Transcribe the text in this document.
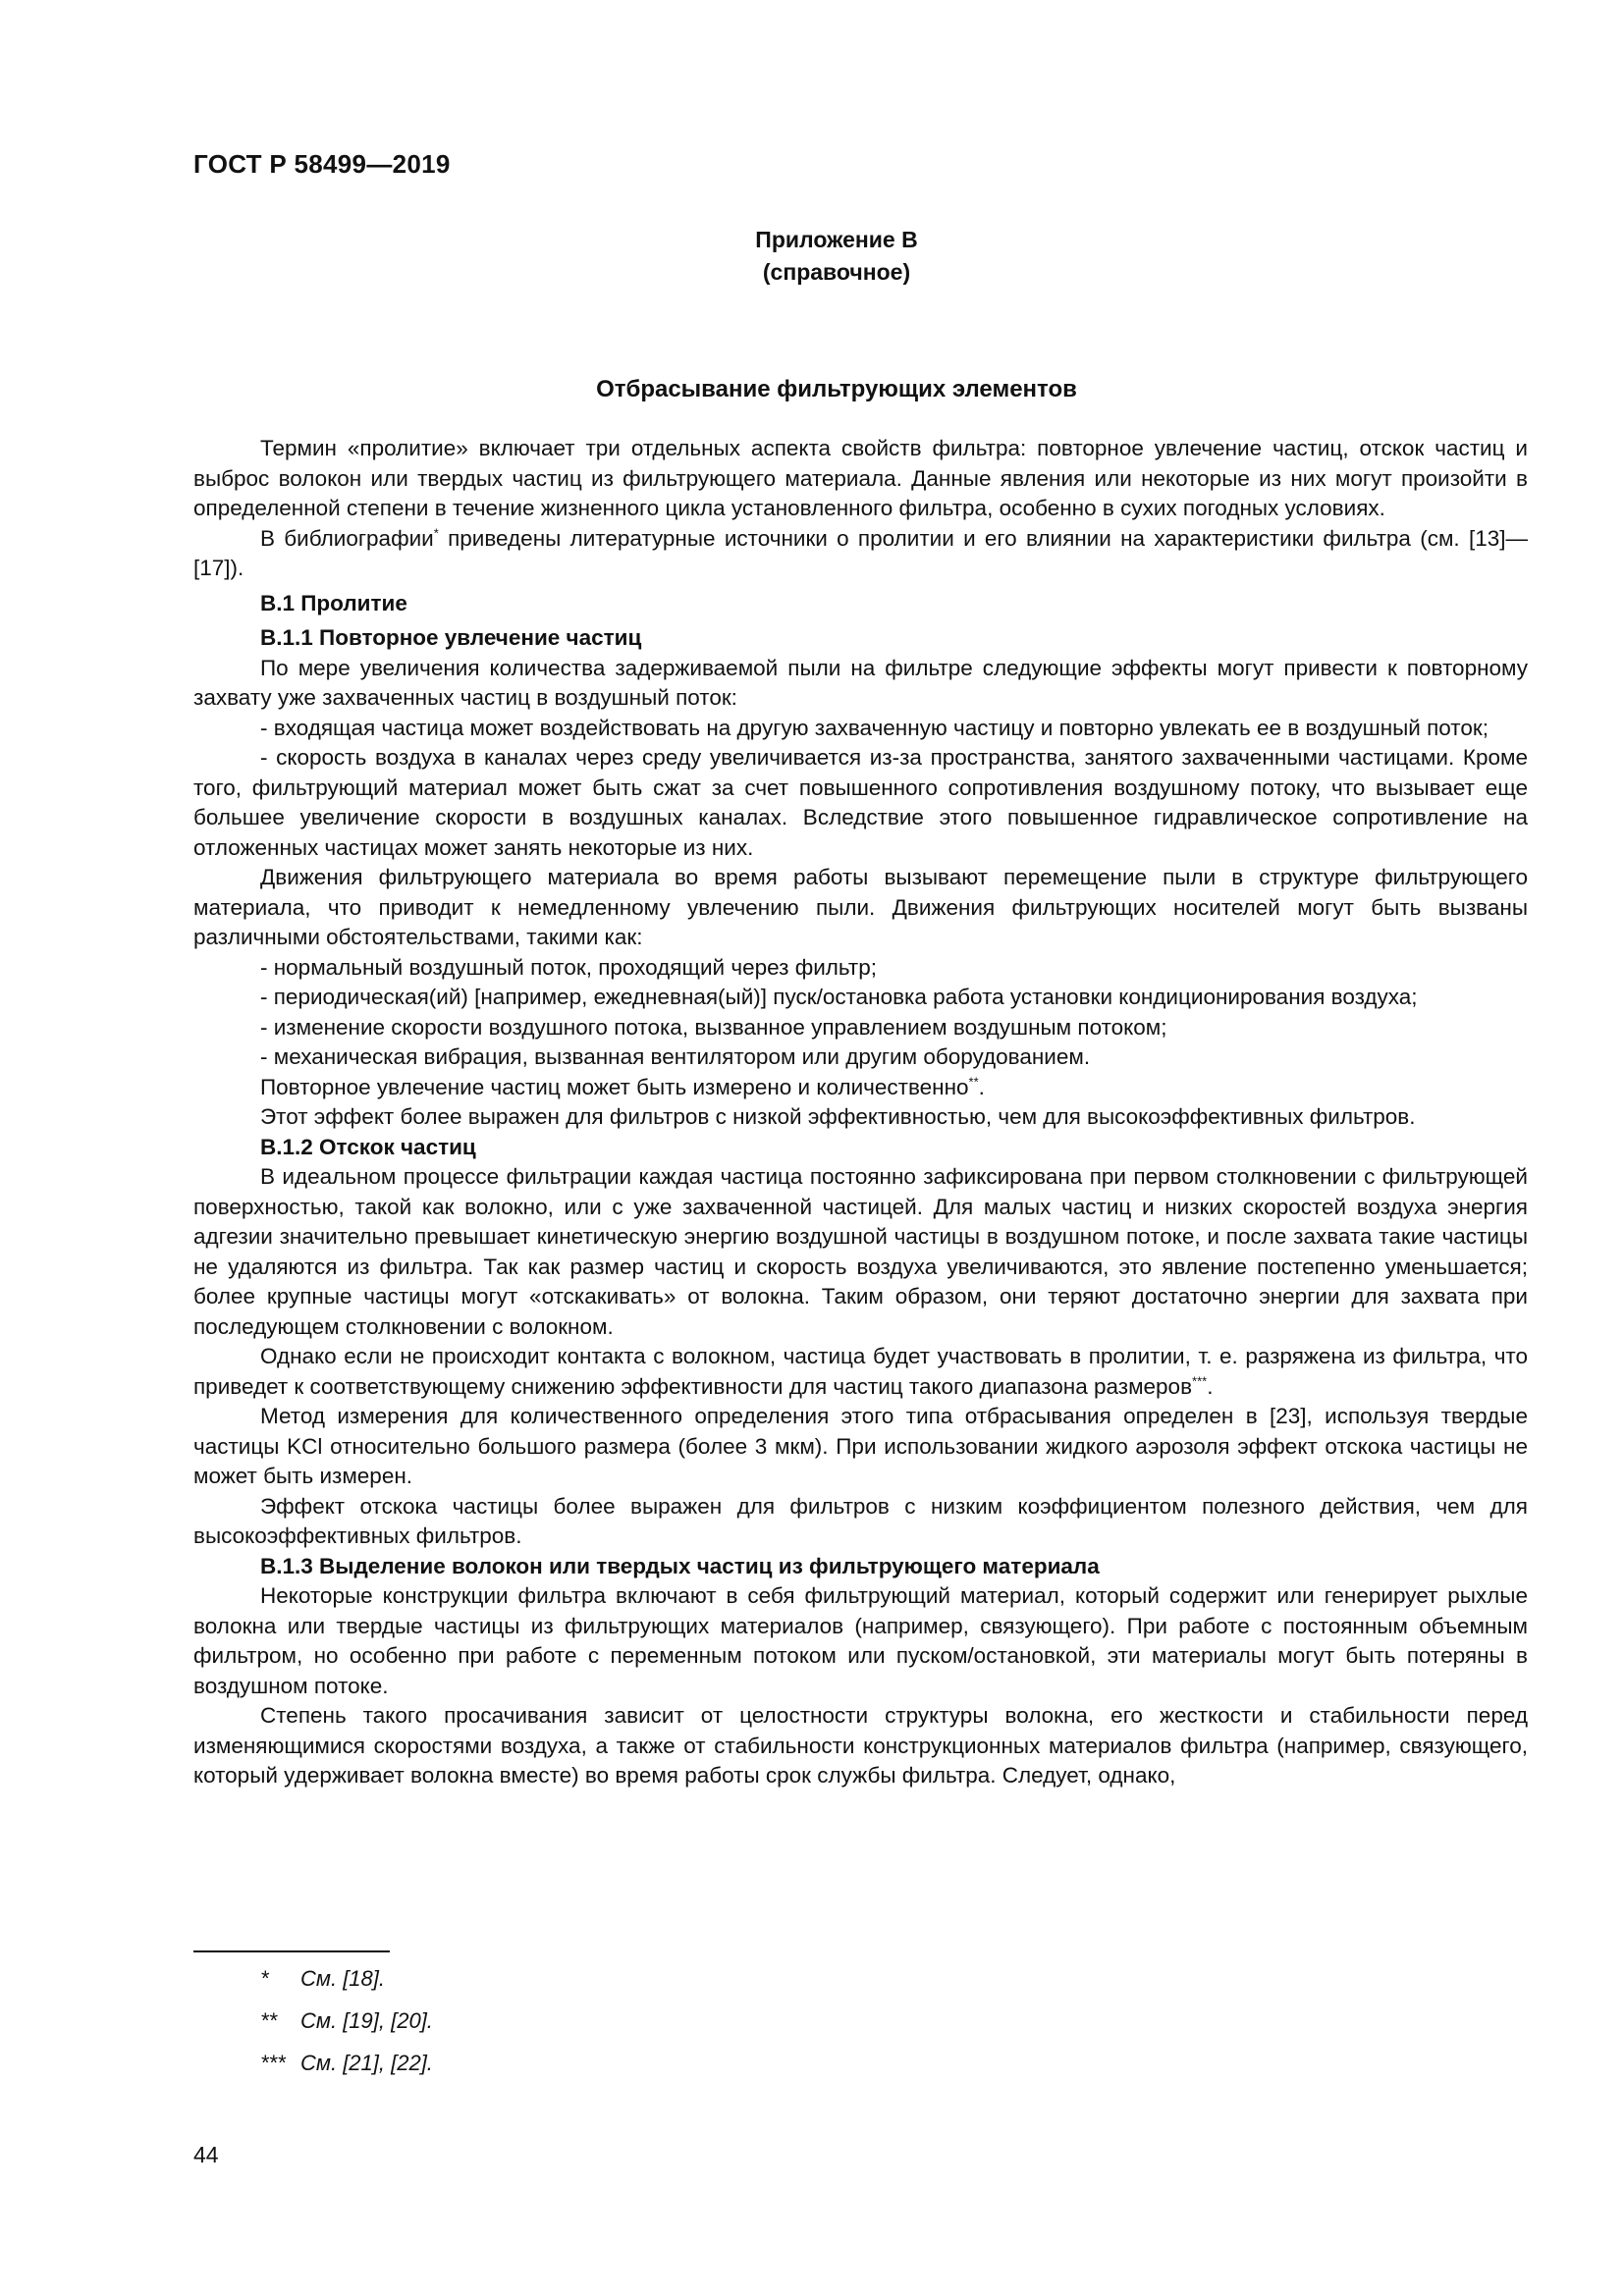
ГОСТ Р 58499—2019
Приложение В
(справочное)
Отбрасывание фильтрующих элементов

Термин «пролитие» включает три отдельных аспекта свойств фильтра: повторное увлечение частиц, отскок частиц и выброс волокон или твердых частиц из фильтрующего материала. Данные явления или некоторые из них могут произойти в определенной степени в течение жизненного цикла установленного фильтра, особенно в сухих погодных условиях.

В библиографии* приведены литературные источники о пролитии и его влиянии на характеристики фильтра (см. [13]—[17]).

В.1 Пролитие

В.1.1 Повторное увлечение частиц

По мере увеличения количества задерживаемой пыли на фильтре следующие эффекты могут привести к повторному захвату уже захваченных частиц в воздушный поток:

- входящая частица может воздействовать на другую захваченную частицу и повторно увлекать ее в воздушный поток;

- скорость воздуха в каналах через среду увеличивается из-за пространства, занятого захваченными частицами. Кроме того, фильтрующий материал может быть сжат за счет повышенного сопротивления воздушному потоку, что вызывает еще большее увеличение скорости в воздушных каналах. Вследствие этого повышенное гидравлическое сопротивление на отложенных частицах может занять некоторые из них.

Движения фильтрующего материала во время работы вызывают перемещение пыли в структуре фильтрующего материала, что приводит к немедленному увлечению пыли. Движения фильтрующих носителей могут быть вызваны различными обстоятельствами, такими как:

- нормальный воздушный поток, проходящий через фильтр;

- периодическая(ий) [например, ежедневная(ый)] пуск/остановка работа установки кондиционирования воздуха;

- изменение скорости воздушного потока, вызванное управлением воздушным потоком;

- механическая вибрация, вызванная вентилятором или другим оборудованием.

Повторное увлечение частиц может быть измерено и количественно**.

Этот эффект более выражен для фильтров с низкой эффективностью, чем для высокоэффективных фильтров.

В.1.2 Отскок частиц

В идеальном процессе фильтрации каждая частица постоянно зафиксирована при первом столкновении с фильтрующей поверхностью, такой как волокно, или с уже захваченной частицей. Для малых частиц и низких скоростей воздуха энергия адгезии значительно превышает кинетическую энергию воздушной частицы в воздушном потоке, и после захвата такие частицы не удаляются из фильтра. Так как размер частиц и скорость воздуха увеличиваются, это явление постепенно уменьшается; более крупные частицы могут «отскакивать» от волокна. Таким образом, они теряют достаточно энергии для захвата при последующем столкновении с волокном.

Однако если не происходит контакта с волокном, частица будет участвовать в пролитии, т. е. разряжена из фильтра, что приведет к соответствующему снижению эффективности для частиц такого диапазона размеров***.

Метод измерения для количественного определения этого типа отбрасывания определен в [23], используя твердые частицы KCl относительно большого размера (более 3 мкм). При использовании жидкого аэрозоля эффект отскока частицы не может быть измерен.

Эффект отскока частицы более выражен для фильтров с низким коэффициентом полезного действия, чем для высокоэффективных фильтров.

В.1.3 Выделение волокон или твердых частиц из фильтрующего материала

Некоторые конструкции фильтра включают в себя фильтрующий материал, который содержит или генерирует рыхлые волокна или твердые частицы из фильтрующих материалов (например, связующего). При работе с постоянным объемным фильтром, но особенно при работе с переменным потоком или пуском/остановкой, эти материалы могут быть потеряны в воздушном потоке.

Степень такого просачивания зависит от целостности структуры волокна, его жесткости и стабильности перед изменяющимися скоростями воздуха, а также от стабильности конструкционных материалов фильтра (например, связующего, который удерживает волокна вместе) во время работы срок службы фильтра. Следует, однако,

* См. [18].
** См. [19], [20].
*** См. [21], [22].
44
